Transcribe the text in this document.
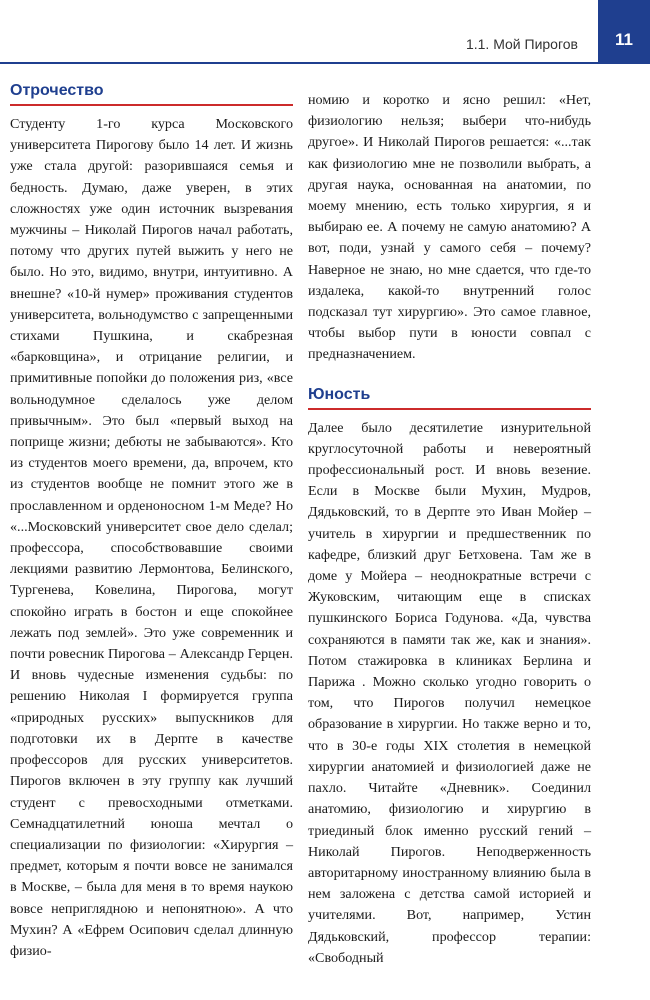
1.1. Мой Пирогов 11
Отрочество

Студенту 1-го курса Московского университета Пирогову было 14 лет. И жизнь уже стала другой: разорившаяся семья и бедность. Думаю, даже уверен, в этих сложностях уже один источник вызревания мужчины – Николай Пирогов начал работать, потому что других путей выжить у него не было. Но это, видимо, внутри, интуитивно. А внешне? «10-й нумер» проживания студентов университета, вольнодумство с запрещенными стихами Пушкина, и скабрезная «барковщина», и отрицание религии, и примитивные попойки до положения риз, «все вольнодумное сделалось уже делом привычным». Это был «первый выход на поприще жизни; дебюты не забываются». Кто из студентов моего времени, да, впрочем, кто из студентов вообще не помнит этого же в прославленном и орденоносном 1-м Меде? Но «...Московский университет свое дело сделал; профессора, способствовавшие своими лекциями развитию Лермонтова, Белинского, Тургенева, Ковелина, Пирогова, могут спокойно играть в бостон и еще спокойнее лежать под землей». Это уже современник и почти ровесник Пирогова – Александр Герцен. И вновь чудесные изменения судьбы: по решению Николая I формируется группа «природных русских» выпускников для подготовки их в Дерпте в качестве профессоров для русских университетов. Пирогов включен в эту группу как лучший студент с превосходными отметками. Семнадцатилетний юноша мечтал о специализации по физиологии: «Хирургия – предмет, которым я почти вовсе не занимался в Москве, – была для меня в то время наукою вовсе неприглядною и непонятною». А что Мухин? А «Ефрем Осипович сделал длинную физио-

номию и коротко и ясно решил: «Нет, физиологию нельзя; выбери что-нибудь другое». И Николай Пирогов решается: «...так как физиологию мне не позволили выбрать, а другая наука, основанная на анатомии, по моему мнению, есть только хирургия, я и выбираю ее. А почему не самую анатомию? А вот, поди, узнай у самого себя – почему? Наверное не знаю, но мне сдается, что где-то издалека, какой-то внутренний голос подсказал тут хирургию». Это самое главное, чтобы выбор пути в юности совпал с предназначением.

Юность

Далее было десятилетие изнурительной круглосуточной работы и невероятный профессиональный рост. И вновь везение. Если в Москве были Мухин, Мудров, Дядьковский, то в Дерпте это Иван Мойер – учитель в хирургии и предшественник по кафедре, близкий друг Бетховена. Там же в доме у Мойера – неоднократные встречи с Жуковским, читающим еще в списках пушкинского Бориса Годунова. «Да, чувства сохраняются в памяти так же, как и знания». Потом стажировка в клиниках Берлина и Парижа . Можно сколько угодно говорить о том, что Пирогов получил немецкое образование в хирургии. Но также верно и то, что в 30-е годы XIX столетия в немецкой хирургии анатомией и физиологией даже не пахло. Читайте «Дневник». Соединил анатомию, физиологию и хирургию в триединый блок именно русский гений – Николай Пирогов. Неподверженность авторитарному иностранному влиянию была в нем заложена с детства самой историей и учителями. Вот, например, Устин Дядьковский, профессор терапии: «Свободный
